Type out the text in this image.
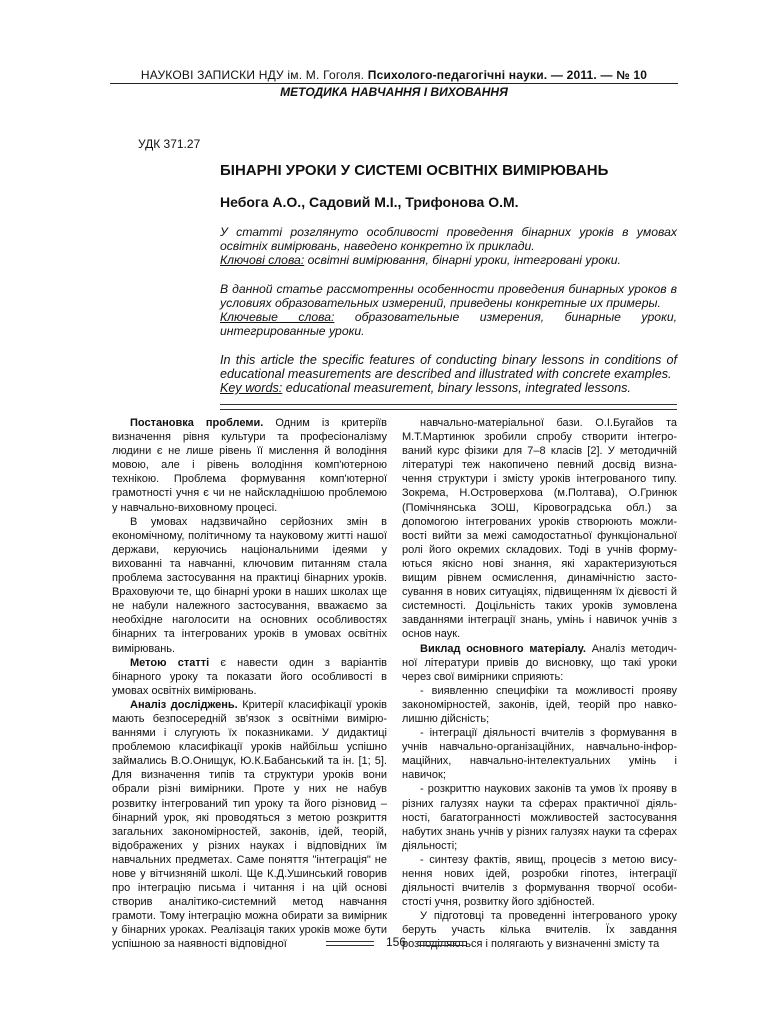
НАУКОВІ ЗАПИСКИ НДУ ім. М. Гоголя. Психолого-педагогічні науки. — 2011. — № 10
МЕТОДИКА НАВЧАННЯ І ВИХОВАННЯ
УДК 371.27
БІНАРНІ УРОКИ У СИСТЕМІ ОСВІТНІХ ВИМІРЮВАНЬ
Небога А.О., Садовий М.І., Трифонова О.М.
У статті розглянуто особливості проведення бінарних уроків в умовах освітніх вимірювань, наведено конкретно їх приклади.
Ключові слова: освітні вимірювання, бінарні уроки, інтегровані уроки.
В данной статье рассмотренны особенности проведения бинарных уроков в условиях образовательных измерений, приведены конкретные их примеры.
Ключевые слова: образовательные измерения, бинарные уроки, интегрированные уроки.
In this article the specific features of conducting binary lessons in conditions of educational measurements are described and illustrated with concrete examples.
Key words: educational measurement, binary lessons, integrated lessons.

Постановка проблеми. Одним із критеріїв визначення рівня культури та професіоналізму людини є не лише рівень її мислення й володіння мовою, але і рівень володіння комп'ютерною технікою. Проблема формування комп'ютерної грамотності учня є чи не найскладнішою проблемою у навчально-виховному процесі.

В умовах надзвичайно серйозних змін в економічному, політичному та науковому житті нашої держави, керуючись національними ідеями у вихованні та навчанні, ключовим питанням стала проблема застосування на практиці бінарних уроків. Враховуючи те, що бінарні уроки в наших школах ще не набули належного застосування, вважаємо за необхідне наголосити на основних особливостях бінарних та інтегрованих уроків в умовах освітніх вимірювань.

Метою статті є навести один з варіантів бінарного уроку та показати його особливості в умовах освітніх вимірювань.

Аналіз досліджень. Критерії класифікації уроків мають безпосередній зв'язок з освітніми вимірю-ваннями і слугують їх показниками. У дидактиці проблемою класифікації уроків найбільш успішно займались В.О.Онищук, Ю.К.Бабанський та ін. [1; 5]. Для визначення типів та структури уроків вони обрали різні вимірники. Проте у них не набув розвитку інтегрований тип уроку та його різновид – бінарний урок, які проводяться з метою розкриття загальних закономірностей, законів, ідей, теорій, відображених у різних науках і відповідних їм навчальних предметах. Саме поняття "інтеграція" не нове у вітчизняній школі. Ще К.Д.Ушинський говорив про інтеграцію письма і читання і на цій основі створив аналітико-системний метод навчання грамоти. Тому інтеграцію можна обирати за вимірник у бінарних уроках. Реалізація таких уроків може бути успішною за наявності відповідної

навчально-матеріальної бази. О.І.Бугайов та М.Т.Мартинюк зробили спробу створити інтегро-ваний курс фізики для 7–8 класів [2]. У методичній літературі теж накопичено певний досвід визна-чення структури і змісту уроків інтегрованого типу. Зокрема, Н.Островерхова (м.Полтава), О.Гринюк (Помічнянська ЗОШ, Кіровоградська обл.) за допомогою інтегрованих уроків створюють можли-вості вийти за межі самодостатньої функціональної ролі його окремих складових. Тоді в учнів форму-ються якісно нові знання, які характеризуються вищим рівнем осмислення, динамічністю засто-сування в нових ситуаціях, підвищенням їх дієвості й системності. Доцільність таких уроків зумовлена завданнями інтеграції знань, умінь і навичок учнів з основ наук.

Виклад основного матеріалу. Аналіз методич-ної літератури привів до висновку, що такі уроки через свої вимірники сприяють:

- виявленню специфіки та можливості прояву закономірностей, законів, ідей, теорій про навко-лишню дійсність;

- інтеграції діяльності вчителів з формування в учнів навчально-організаційних, навчально-інфор-маційних, навчально-інтелектуальних умінь і навичок;

- розкриттю наукових законів та умов їх прояву в різних галузях науки та сферах практичної діяль-ності, багатогранності можливостей застосування набутих знань учнів у різних галузях науки та сферах діяльності;

- синтезу фактів, явищ, процесів з метою вису-нення нових ідей, розробки гіпотез, інтеграції діяльності вчителів з формування творчої особи-стості учня, розвитку його здібностей.

У підготовці та проведенні інтегрованого уроку беруть участь кілька вчителів. Їх завдання розподіляються і полягають у визначенні змісту та

156
